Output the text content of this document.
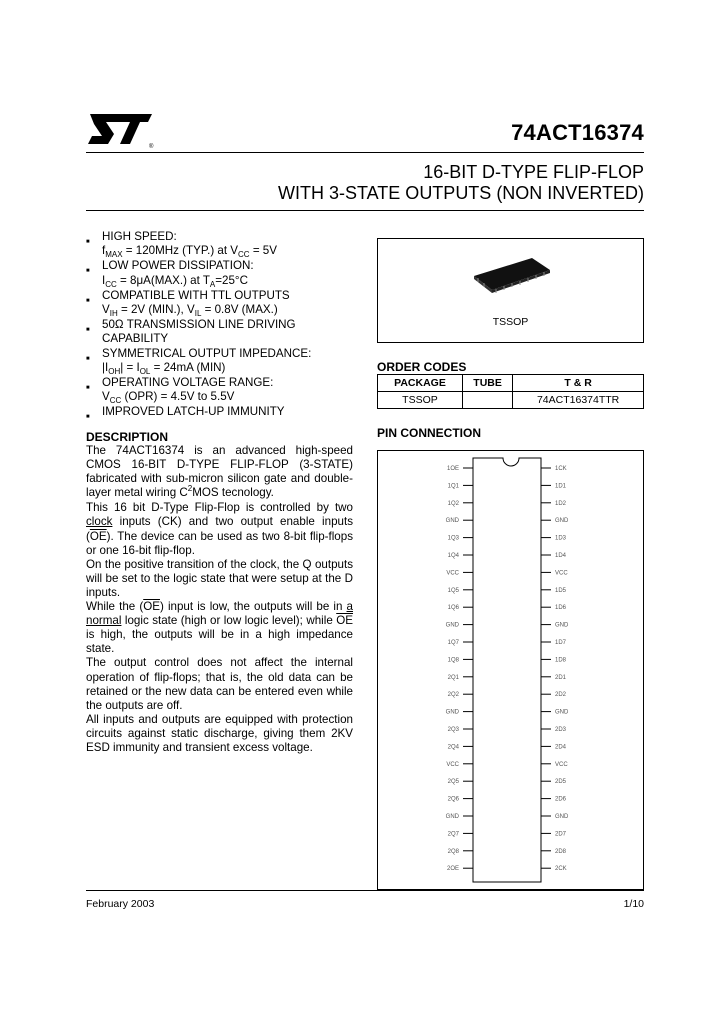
®
74ACT16374
16-BIT D-TYPE FLIP-FLOP
WITH 3-STATE OUTPUTS (NON INVERTED)
■ HIGH SPEED:
$f_{MAX} = 120MHz$ (TYP.) at $V_{CC} = 5V$
■ LOW POWER DISSIPATION:
$I_{CC} = 8\mu A(MAX.)$ at $T_A=25^\circ C$
■ COMPATIBLE WITH TTL OUTPUTS
$V_{IH} = 2V$ (MIN.), $V_{IL} = 0.8V$ (MAX.)
■ 50Ω TRANSMISSION LINE DRIVING
CAPABILITY
■ SYMMETRICAL OUTPUT IMPEDANCE:
$|I_{OH}| = I_{OL} = 24mA$ (MIN)
■ OPERATING VOLTAGE RANGE:
$V_{CC}$ (OPR) = 4.5V to 5.5V
■ IMPROVED LATCH-UP IMMUNITY
TSSOP
ORDER CODES
PACKAGE	TUBE	T & R
TSSOP		74ACT16374TTR
PIN CONNECTION
1OE
1Q1
1Q2
GND
1Q3
1Q4
VCC
1Q5
1Q6
GND
1Q7
1Q8
2Q1
2Q2
GND
2Q3
2Q4
VCC
2Q5
2Q6
GND
2Q7
2Q8
2OE
1CK
1D1
1D2
GND
1D3
1D4
VCC
1D5
1D6
GND
1D7
1D8
2D1
2D2
GND
2D3
2D4
VCC
2D5
2D6
GND
2D7
2D8
2CK
DESCRIPTION

The 74ACT16374 is an advanced high-speed CMOS 16-BIT D-TYPE FLIP-FLOP (3-STATE) fabricated with sub-micron silicon gate and double-layer metal wiring $C^2MOS$ tecnology.

This 16 bit D-Type Flip-Flop is controlled by two clock inputs (CK) and two output enable inputs $(\overline{OE})$. The device can be used as two 8-bit flip-flops or one 16-bit flip-flop.

On the positive transition of the clock, the Q outputs will be set to the logic state that were setup at the D inputs.

While the $(\overline{OE})$ input is low, the outputs will be in a normal logic state (high or low logic level); while $\overline{OE}$ is high, the outputs will be in a high impedance state.

The output control does not affect the internal operation of flip-flops; that is, the old data can be retained or the new data can be entered even while the outputs are off.

All inputs and outputs are equipped with protection circuits against static discharge, giving them 2KV ESD immunity and transient excess voltage.

February 2003	1/10
